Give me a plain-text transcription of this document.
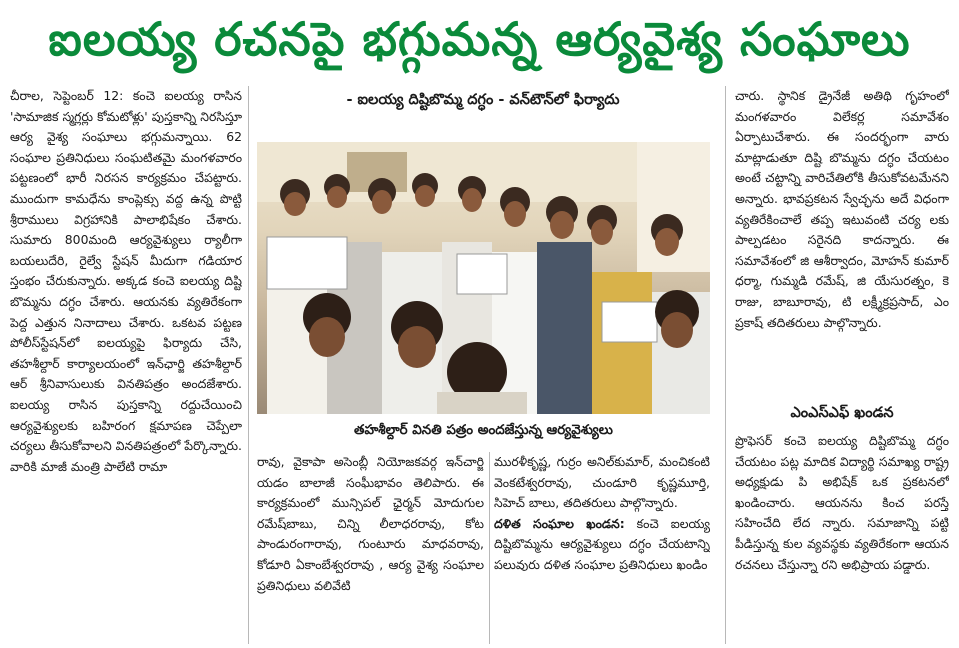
ఐలయ్య రచనపై భగ్గుమన్న ఆర్యవైశ్య సంఘాలు

చీరాల, సెప్టెంబర్ 12: కంచె ఐలయ్య రాసిన 'సామాజిక స్మగ్లర్లు కోమటోళ్లు' పుస్తకాన్ని నిరసిస్తూ ఆర్య వైశ్య సంఘాలు భగ్గుమన్నాయి. 62 సంఘాల ప్రతినిధులు సంఘటితమై మంగళవారం పట్టణంలో భారీ నిరసన కార్యక్రమం చేపట్టారు. ముందుగా కామధేను కాంప్లెక్సు వద్ద ఉన్న పొట్టి శ్రీరాములు విగ్రహానికి పాలాభిషేకం చేశారు. సుమారు 800మంది ఆర్యవైశ్యులు ర్యాలీగా బయలుదేరి, రైల్వే స్టేషన్ మీదుగా గడియార స్తంభం చేరుకున్నారు. అక్కడ కంచె ఐలయ్య దిష్టి బొమ్మను దగ్ధం చేశారు. ఆయనకు వ్యతిరేకంగా పెద్ద ఎత్తున నినాదాలు చేశారు. ఒకటవ పట్టణ పోలీస్‌స్టేషన్‌లో ఐలయ్యపై ఫిర్యాదు చేసి, తహశీల్దార్ కార్యాలయంలో ఇన్‌ఛార్జి తహశీల్దార్ ఆర్ శ్రీనివాసులుకు వినతిపత్రం అందజేశారు. ఐలయ్య రాసిన పుస్తకాన్ని రద్దుచేయించి ఆర్యవైశ్యులకు బహిరంగ క్షమాపణ చెప్పేలా చర్యలు తీసుకోవాలని వినతిపత్రంలో పేర్కొన్నారు. వారికి మాజీ మంత్రి పాలేటి రామా

- ఐలయ్య దిష్టిబొమ్మ దగ్ధం - వన్‌టౌన్‌లో ఫిర్యాదు
తహశీల్దార్ వినతి పత్రం అందజేస్తున్న ఆర్యవైశ్యులు

రావు, వైకాపా అసెంబ్లీ నియోజకవర్గ ఇన్‌చార్జి యడం బాలాజీ సంఘీభావం తెలిపారు. ఈ కార్యక్రమంలో మున్సిపల్ ఛైర్మన్ మోదుగుల రమేష్‌బాబు, చిన్ని లీలాధరరావు, కోట పాండురంగారావు, గుంటూరు మాధవరావు, కోడూరి ఏకాంబేశ్వరరావు , ఆర్య వైశ్య సంఘాల ప్రతినిధులు వలివేటి

మురళీకృష్ణ, గుర్రం అనిల్‌కుమార్, మంచికంటి వెంకటేశ్వరరావు, చుండూరి కృష్ణమూర్తి, సిహెచ్ బాలు, తదితరులు పాల్గొన్నారు.

దళిత సంఘాల ఖండన: కంచె ఐలయ్య దిష్టిబొమ్మను ఆర్యవైశ్యులు దగ్ధం చేయటాన్ని పలువురు దళిత సంఘాల ప్రతినిధులు ఖండిం

చారు. స్థానిక డ్రైనేజీ అతిథి గృహంలో మంగళవారం విలేకర్ల సమావేశం ఏర్పాటుచేశారు. ఈ సందర్భంగా వారు మాట్లాడుతూ దిష్టి బొమ్మను దగ్ధం చేయటం అంటే చట్టాన్ని వారిచేతిలోకి తీసుకోవటమేనని అన్నారు. భావప్రకటన స్వేచ్ఛను అదే విధంగా వ్యతిరేకించాలే తప్ప ఇటువంటి చర్య లకు పాల్పడటం సరైనది కాదన్నారు. ఈ సమావేశంలో జి ఆశీర్వాదం, మోహన్ కుమార్ ధర్మా, గుమ్మడి రమేష్, జి యేసురత్నం, కె రాజు, బాబూరావు, టి లక్ష్మీక్రప్రసాద్, ఎం ప్రకాష్ తదితరులు పాల్గొన్నారు.

ఎంఎస్‌ఎఫ్ ఖండన

ప్రొఫెసర్ కంచె ఐలయ్య దిష్టిబొమ్మ దగ్ధం చేయటం పట్ల మాదిక విద్యార్థి సమాఖ్య రాష్ట్ర అధ్యక్షుడు పి అభిషేక్ ఒక ప్రకటనలో ఖండించారు. ఆయనను కించ పరస్తే సహించేది లేద న్నారు. సమాజాన్ని పట్టి పీడిస్తున్న కుల వ్యవస్థకు వ్యతిరేకంగా ఆయన రచనలు చేస్తున్నా రని అభిప్రాయ పడ్డారు.
